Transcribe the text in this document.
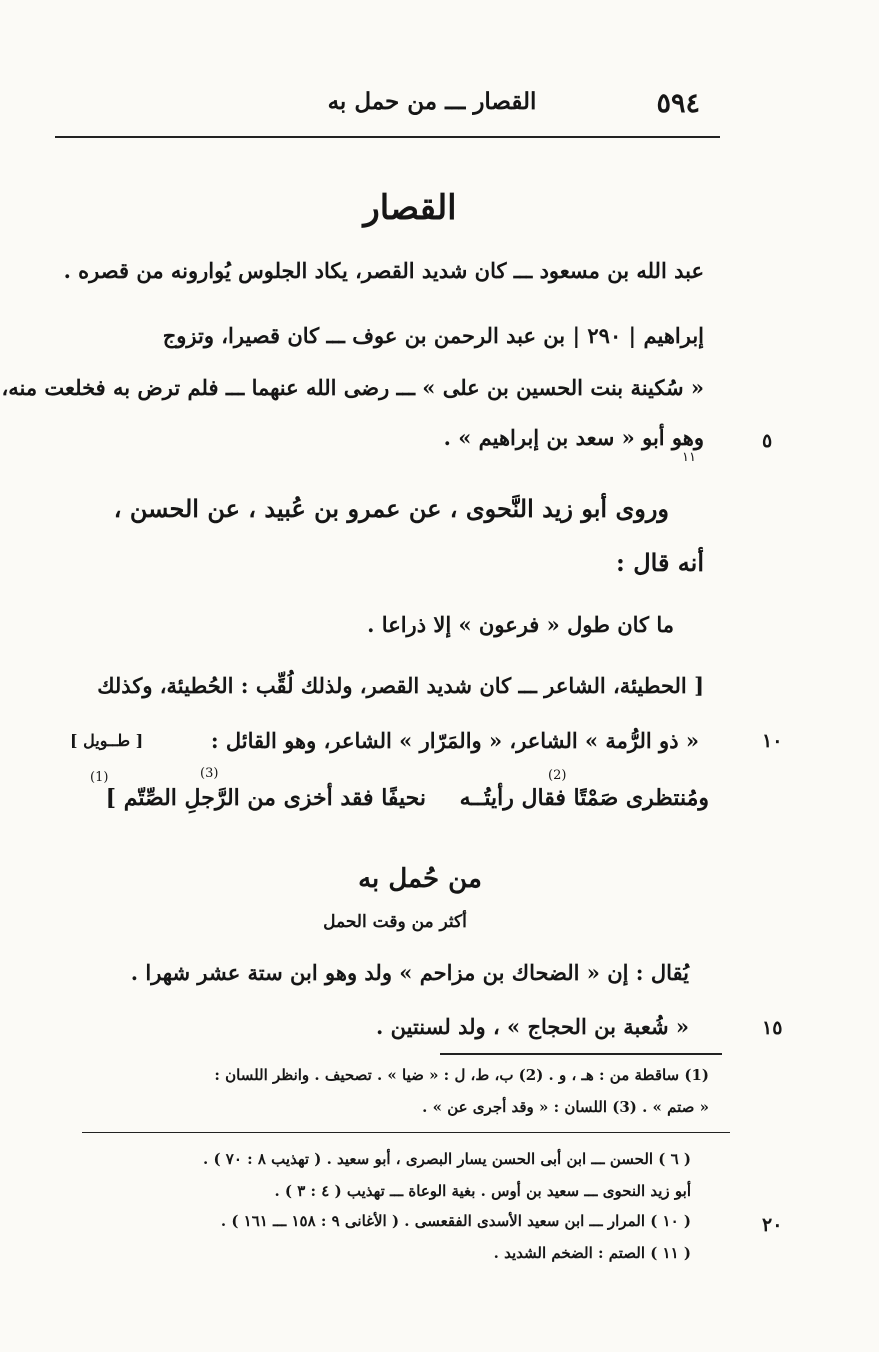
٥٩٤
القصار ـــ من حمل به
القصار
عبد الله بن مسعود ـــ كان شديد القصر، يكاد الجلوس يُوارونه من قصره .
إبراهيم | ٢٩٠ | بن عبد الرحمن بن عوف ـــ كان قصيرا، وتزوج
« سُكينة بنت الحسين بن على » ـــ رضى الله عنهما ـــ فلم ترض به فخلعت منه،
وهو أبو « سعد بن إبراهيم » .
١١
٥
وروى أبو زيد النَّحوى ، عن عمرو بن عُبيد ، عن الحسن ،
أنه قال :
ما كان طول « فرعون » إلا ذراعا .
[ الحطيئة، الشاعر ـــ كان شديد القصر، ولذلك لُقِّب : الحُطيئة، وكذلك
« ذو الرُّمة » الشاعر، « والمَرّار » الشاعر، وهو القائل :
[ طــويل ]	١٠
(1)	(3)	(2)
ومُنتظرى صَمْتًا فقال رأيتُــه
نحيفًا فقد أخزى من الرَّجلِ الصِّتّم ]
من حُمل به
أكثر من وقت الحمل
يُقال : إن « الضحاك بن مزاحم » ولد وهو ابن ستة عشر شهرا .
« شُعبة بن الحجاج » ، ولد لسنتين .	١٥
(1) ساقطة من : هـ ، و . (2) ب، ط، ل : « ضيا » . تصحيف . وانظر اللسان :
« صتم » . (3) اللسان : « وقد أجرى عن » .
( ٦ ) الحسن ـــ ابن أبى الحسن يسار البصرى ، أبو سعيد . ( تهذيب ٨ : ٧٠ ) .
أبو زيد النحوى ـــ سعيد بن أوس . بغية الوعاة ـــ تهذيب ( ٤ : ٣ ) .
( ١٠ ) المرار ـــ ابن سعيد الأسدى الفقعسى . ( الأغانى ٩ : ١٥٨ ـــ ١٦١ ) .
( ١١ ) الصتم : الضخم الشديد .
٢٠
